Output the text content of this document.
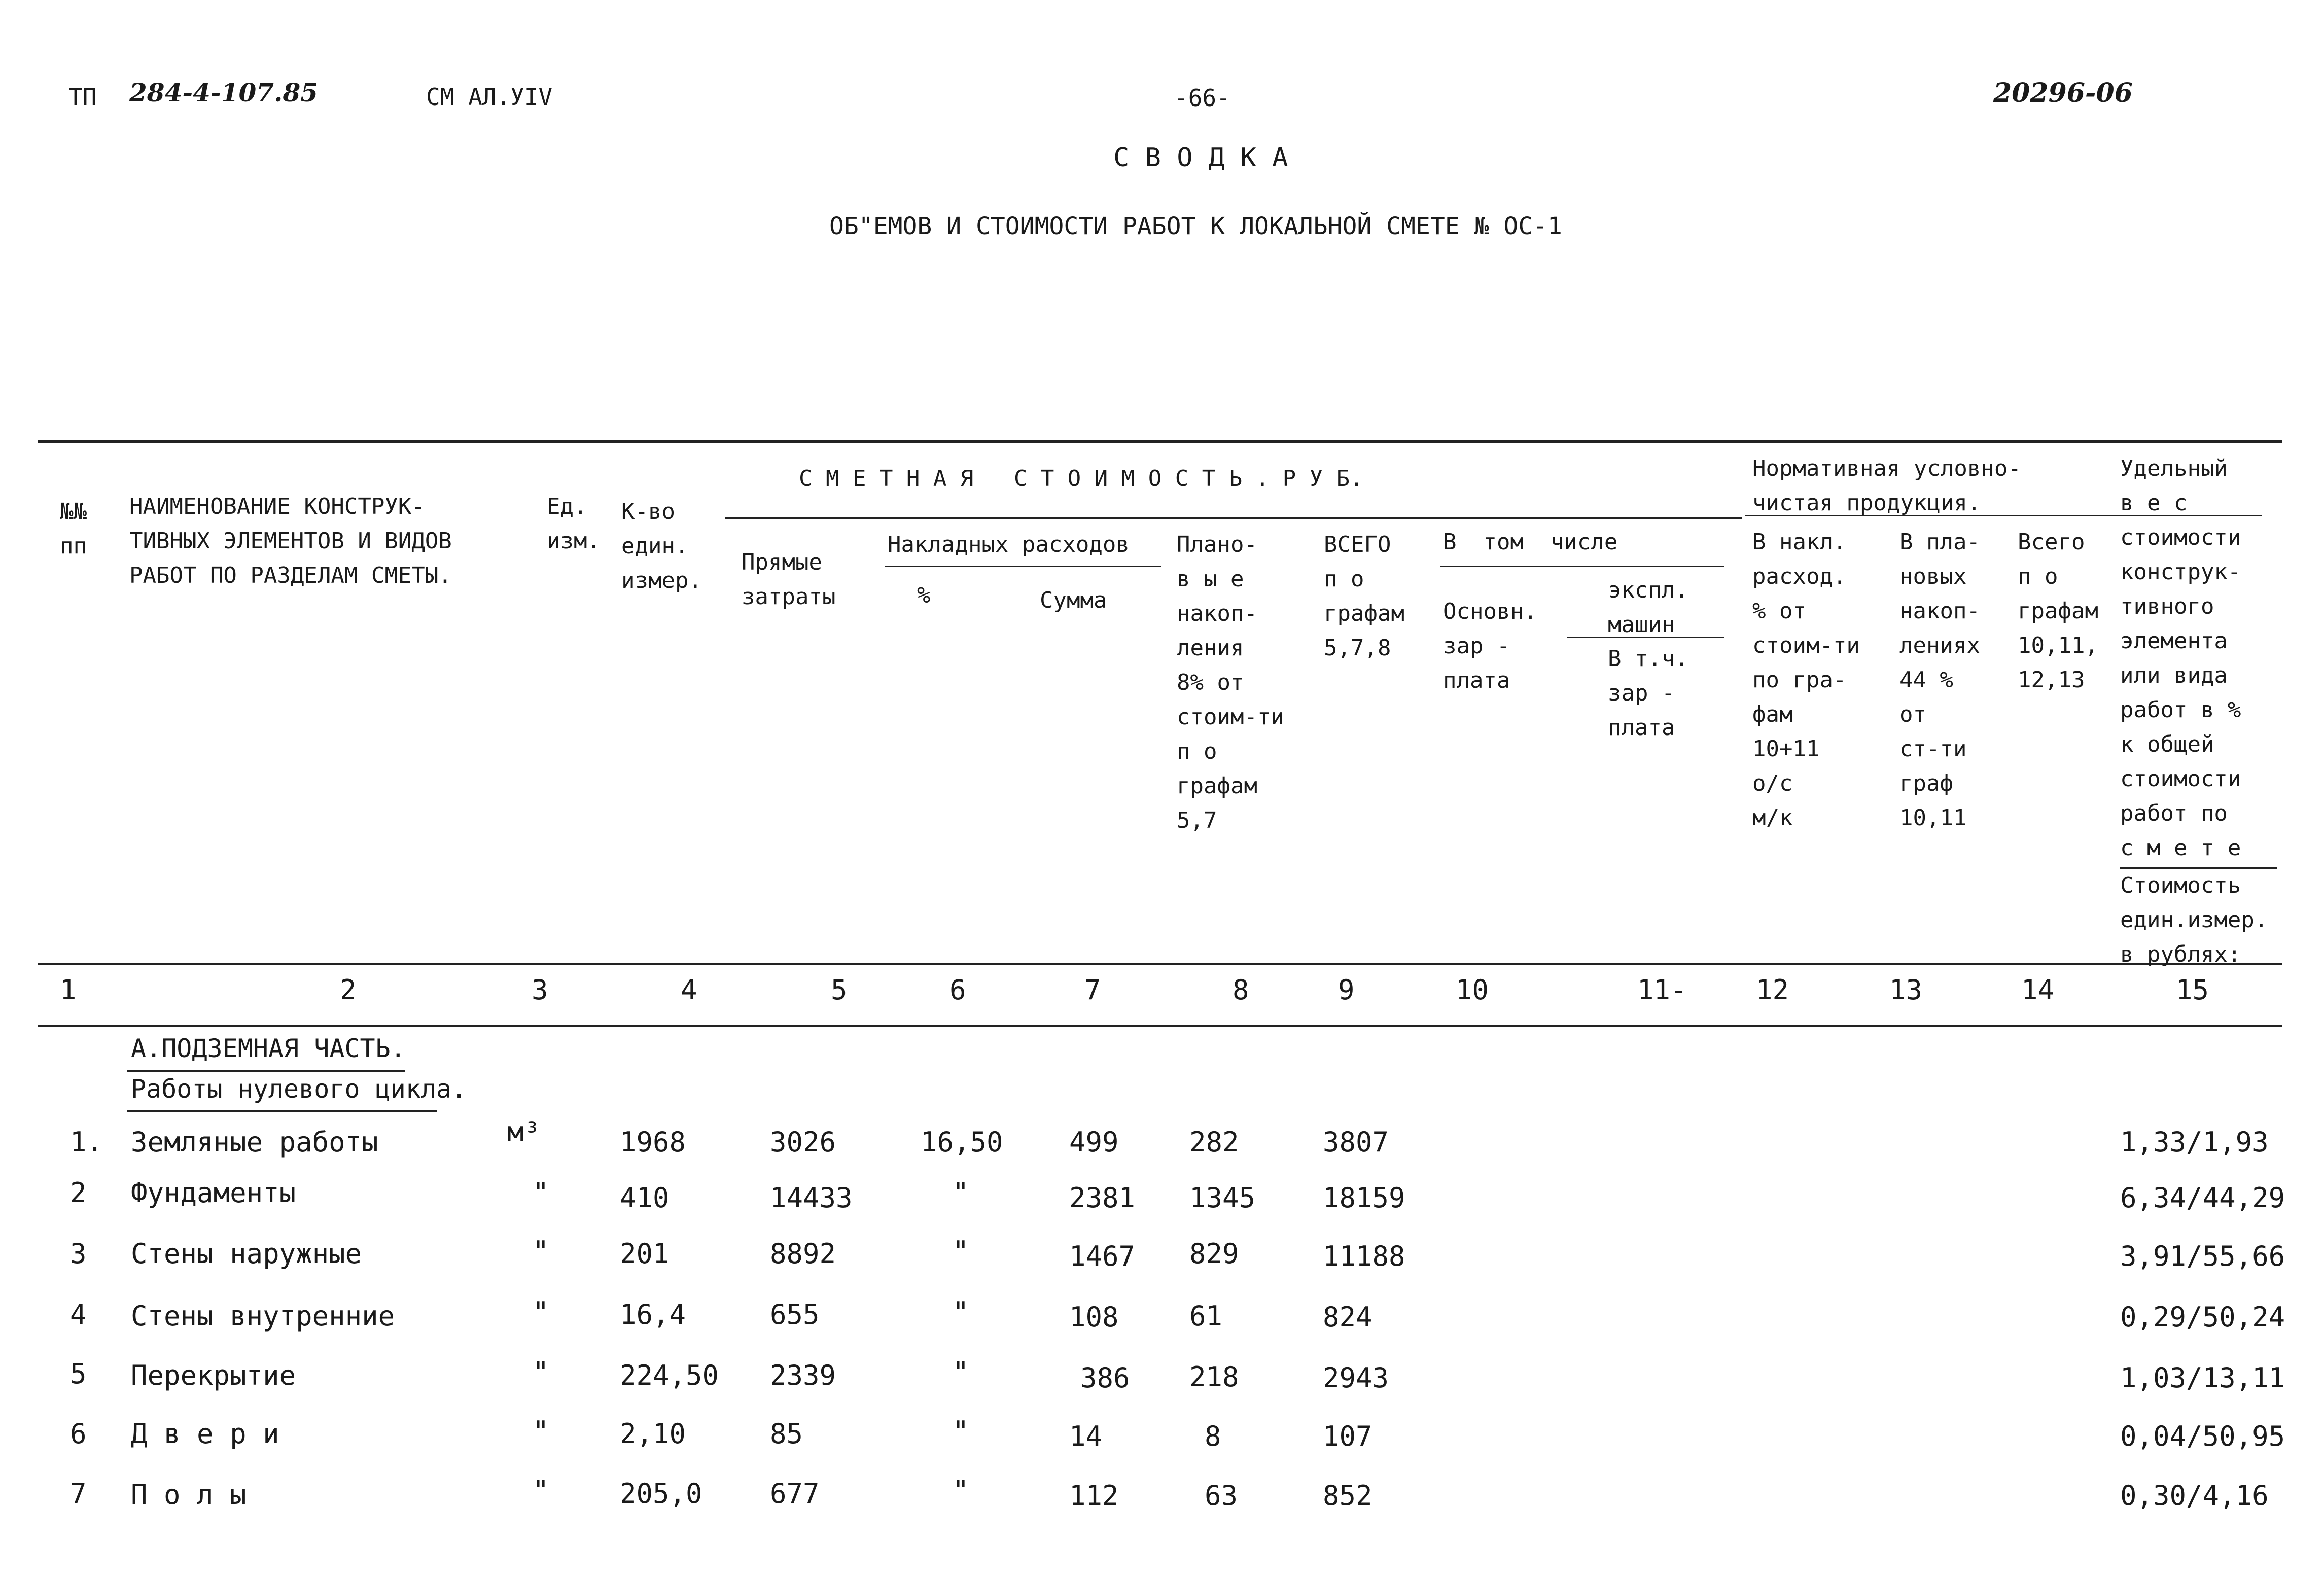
ТП 284-4-107.85	СМ АЛ.УIV	-66-	20296-06
С В О Д К А
ОБ"ЕМОВ И СТОИМОСТИ РАБОТ К ЛОКАЛЬНОЙ СМЕТЕ № ОС-1
№№
пп
НАИМЕНОВАНИЕ КОНСТРУК-
ТИВНЫХ ЭЛЕМЕНТОВ И ВИДОВ
РАБОТ ПО РАЗДЕЛАМ СМЕТЫ.
Ед.
изм.
К-во
един.
измер.
С М Е Т Н А Я   С Т О И М О С Т Ь . Р У Б.
Прямые
затраты
Накладных расходов
%	Сумма
Плано-
в ы е
накоп-
ления
8% от
стоим-ти
п о
графам
5,7
ВСЕГО
п о
графам
5,7,8
В  том  числе
Основн.
зар -
плата
экспл.
машин
В т.ч.
зар -
плата
Нормативная условно-
чистая продукция.
В накл.
расход.
% от
стоим-ти
по гра-
фам
10+11
о/с
м/к
В пла-
новых
накоп-
лениях
44 %
от
ст-ти
граф
10,11
Всего
п о
графам
10,11,
12,13
Удельный
в е с
стоимости
конструк-
тивного
элемента
или вида
работ в %
к общей
стоимости
работ по
с м е т е
Стоимость
един.измер.
в рублях:
1	2	3	4	5	6	7	8	9	10	11-	12	13	14	15
А.ПОДЗЕМНАЯ ЧАСТЬ.
Работы нулевого цикла.
1. Земляные работы	м³	1968	3026	16,50 499	282	3807	1,33/1,93
2 Фундаменты	"	410	14433	"	2381 1345 18159	6,34/44,29
3 Стены наружные	"	201	8892	"	1467 829	11188	3,91/55,66
4 Стены внутренние	"	16,4	655	"	108	61	824	0,29/50,24
5 Перекрытие	"	224,50 2339	"	386 218	2943	1,03/13,11
6 Д в е р и	"	2,10	85	"	14	8	107	0,04/50,95
7 П о л ы	"	205,0 677	"	112	63	852	0,30/4,16
